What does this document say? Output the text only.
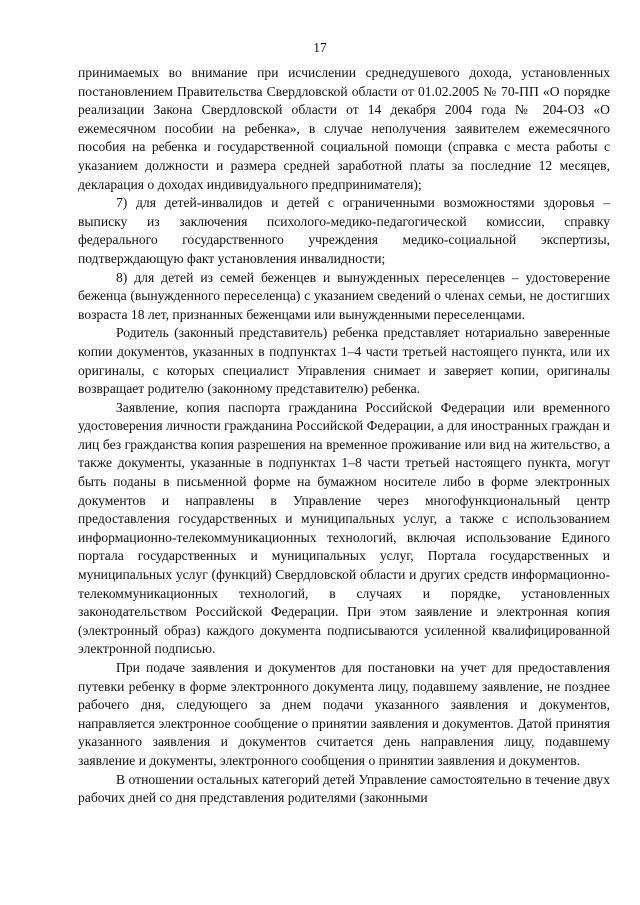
17

принимаемых во внимание при исчислении среднедушевого дохода, установленных постановлением Правительства Свердловской области от 01.02.2005 № 70-ПП «О порядке реализации Закона Свердловской области от 14 декабря 2004 года № 204-ОЗ «О ежемесячном пособии на ребенка», в случае неполучения заявителем ежемесячного пособия на ребенка и государственной социальной помощи (справка с места работы с указанием должности и размера средней заработной платы за последние 12 месяцев, декларация о доходах индивидуального предпринимателя);

7) для детей-инвалидов и детей с ограниченными возможностями здоровья – выписку из заключения психолого-медико-педагогической комиссии, справку федерального государственного учреждения медико-социальной экспертизы, подтверждающую факт установления инвалидности;

8) для детей из семей беженцев и вынужденных переселенцев – удостоверение беженца (вынужденного переселенца) с указанием сведений о членах семьи, не достигших возраста 18 лет, признанных беженцами или вынужденными переселенцами.

Родитель (законный представитель) ребенка представляет нотариально заверенные копии документов, указанных в подпунктах 1–4 части третьей настоящего пункта, или их оригиналы, с которых специалист Управления снимает и заверяет копии, оригиналы возвращает родителю (законному представителю) ребенка.

Заявление, копия паспорта гражданина Российской Федерации или временного удостоверения личности гражданина Российской Федерации, а для иностранных граждан и лиц без гражданства копия разрешения на временное проживание или вид на жительство, а также документы, указанные в подпунктах 1–8 части третьей настоящего пункта, могут быть поданы в письменной форме на бумажном носителе либо в форме электронных документов и направлены в Управление через многофункциональный центр предоставления государственных и муниципальных услуг, а также с использованием информационно-телекоммуникационных технологий, включая использование Единого портала государственных и муниципальных услуг, Портала государственных и муниципальных услуг (функций) Свердловской области и других средств информационно-телекоммуникационных технологий, в случаях и порядке, установленных законодательством Российской Федерации. При этом заявление и электронная копия (электронный образ) каждого документа подписываются усиленной квалифицированной электронной подписью.

При подаче заявления и документов для постановки на учет для предоставления путевки ребенку в форме электронного документа лицу, подавшему заявление, не позднее рабочего дня, следующего за днем подачи указанного заявления и документов, направляется электронное сообщение о принятии заявления и документов. Датой принятия указанного заявления и документов считается день направления лицу, подавшему заявление и документы, электронного сообщения о принятии заявления и документов.

В отношении остальных категорий детей Управление самостоятельно в течение двух рабочих дней со дня представления родителями (законными
